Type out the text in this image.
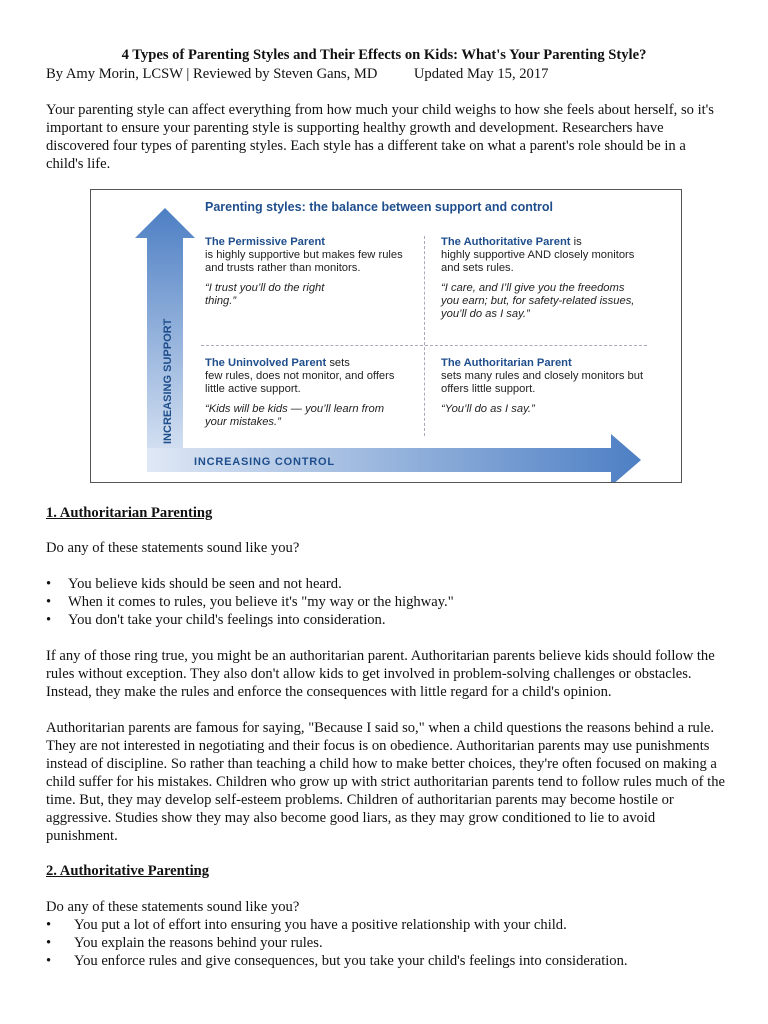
4 Types of Parenting Styles and Their Effects on Kids: What's Your Parenting Style?
By Amy Morin, LCSW | Reviewed by Steven Gans, MD          Updated May 15, 2017

Your parenting style can affect everything from how much your child weighs to how she feels about herself, so it's important to ensure your parenting style is supporting healthy growth and development. Researchers have discovered four types of parenting styles. Each style has a different take on what a parent's role should be in a child's life.

INCREASING SUPPORT
INCREASING CONTROL
Parenting styles: the balance between support and control
The Permissive Parent
is highly supportive but makes few rules and trusts rather than monitors.
“I trust you’ll do the right thing.”
The Authoritative Parent is
highly supportive AND closely monitors and sets rules.
“I care, and I’ll give you the freedoms you earn; but, for safety-related issues, you’ll do as I say.”
The Uninvolved Parent sets
few rules, does not monitor, and offers little active support.
“Kids will be kids — you’ll learn from your mistakes.”
The Authoritarian Parent
sets many rules and closely monitors but offers little support.
“You’ll do as I say.”

1. Authoritarian Parenting

Do any of these statements sound like you?

• You believe kids should be seen and not heard.
• When it comes to rules, you believe it's "my way or the highway."
• You don't take your child's feelings into consideration.

If any of those ring true, you might be an authoritarian parent. Authoritarian parents believe kids should follow the rules without exception. They also don't allow kids to get involved in problem-solving challenges or obstacles. Instead, they make the rules and enforce the consequences with little regard for a child's opinion.

Authoritarian parents are famous for saying, "Because I said so," when a child questions the reasons behind a rule. They are not interested in negotiating and their focus is on obedience. Authoritarian parents may use punishments instead of discipline. So rather than teaching a child how to make better choices, they're often focused on making a child suffer for his mistakes. Children who grow up with strict authoritarian parents tend to follow rules much of the time. But, they may develop self-esteem problems. Children of authoritarian parents may become hostile or aggressive. Studies show they may also become good liars, as they may grow conditioned to lie to avoid punishment.

2. Authoritative Parenting

Do any of these statements sound like you?

• You put a lot of effort into ensuring you have a positive relationship with your child.
• You explain the reasons behind your rules.
• You enforce rules and give consequences, but you take your child's feelings into consideration.
